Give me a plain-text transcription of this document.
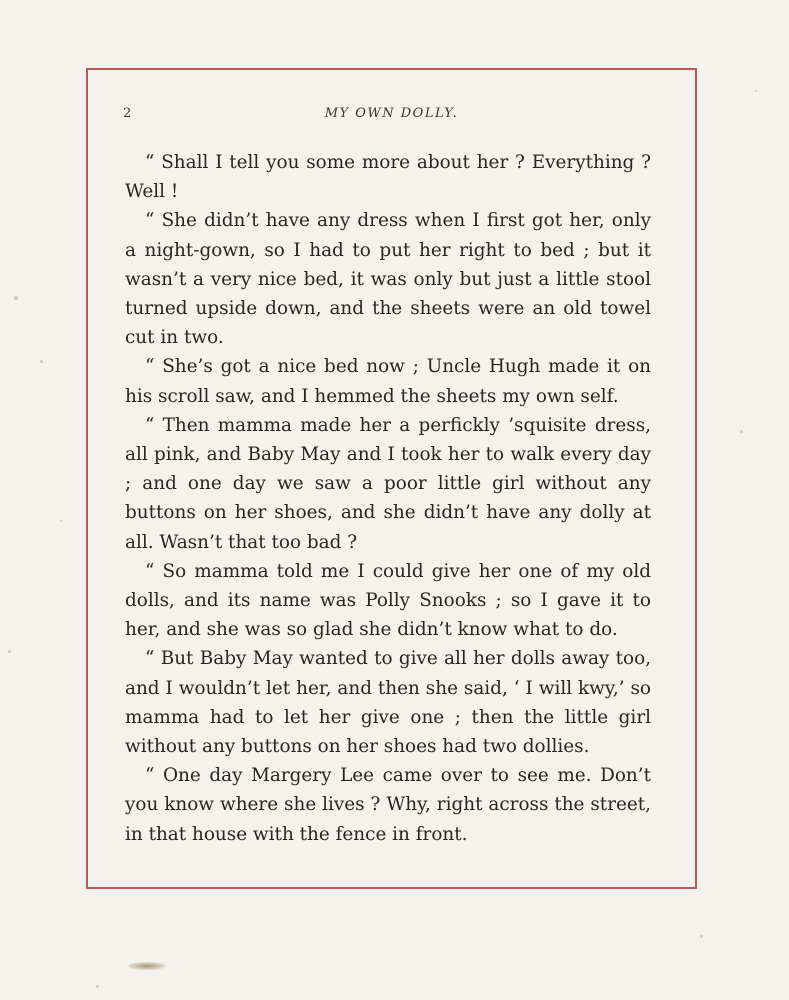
2	MY OWN DOLLY.

“ Shall I tell you some more about her ? Everything ? Well !

“ She didn’t have any dress when I first got her, only a night-gown, so I had to put her right to bed ; but it wasn’t a very nice bed, it was only but just a little stool turned upside down, and the sheets were an old towel cut in two.

“ She’s got a nice bed now ; Uncle Hugh made it on his scroll saw, and I hemmed the sheets my own self.

“ Then mamma made her a perfickly ’squisite dress, all pink, and Baby May and I took her to walk every day ; and one day we saw a poor little girl without any buttons on her shoes, and she didn’t have any dolly at all. Wasn’t that too bad ?

“ So mamma told me I could give her one of my old dolls, and its name was Polly Snooks ; so I gave it to her, and she was so glad she didn’t know what to do.

“ But Baby May wanted to give all her dolls away too, and I wouldn’t let her, and then she said, ‘ I will kwy,’ so mamma had to let her give one ; then the little girl without any buttons on her shoes had two dollies.

“ One day Margery Lee came over to see me. Don’t you know where she lives ? Why, right across the street, in that house with the fence in front.
